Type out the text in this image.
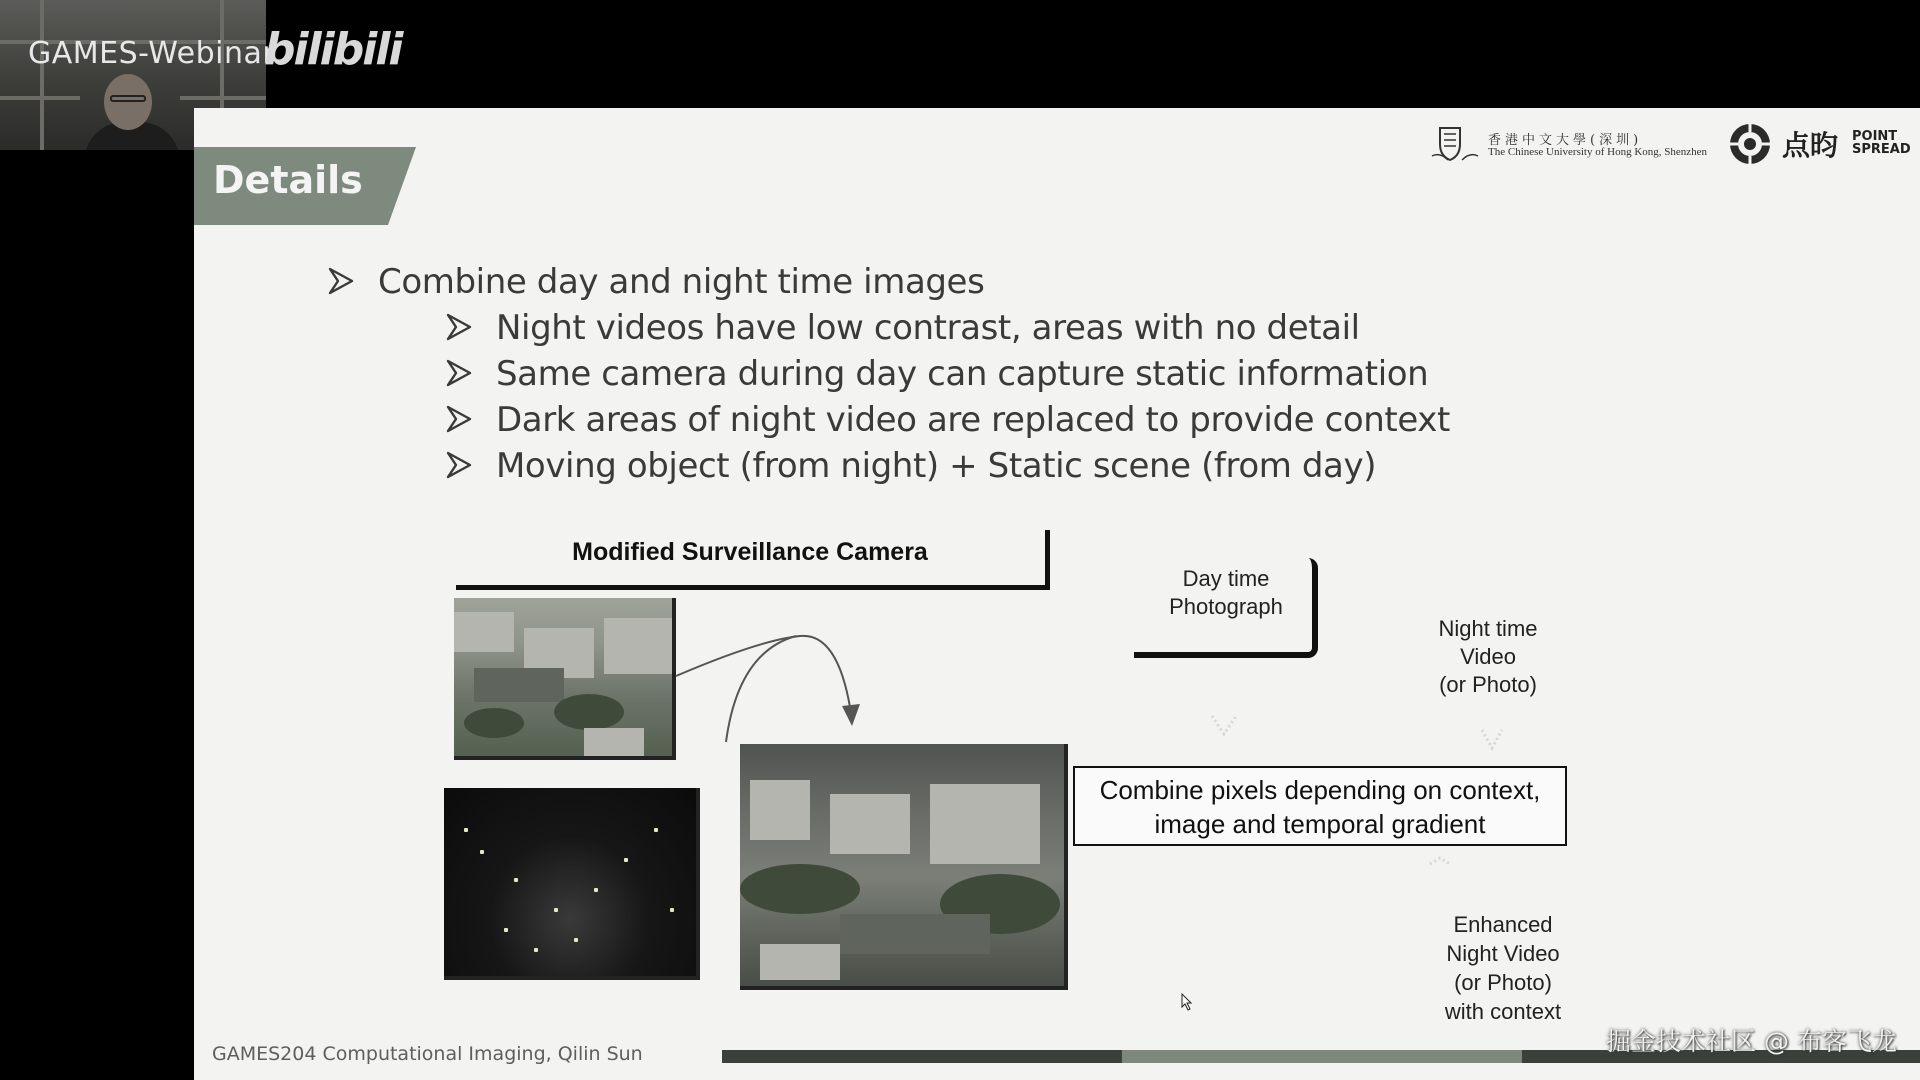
GAMES-Webinar
bilibili
Details
香港中文大學(深圳)
The Chinese University of Hong Kong, Shenzhen	点昀 POINT
SPREAD
Combine day and night time images
Night videos have low contrast, areas with no detail
Same camera during day can capture static information
Dark areas of night video are replaced to provide context
Moving object (from night) + Static scene (from day)
Modified Surveillance Camera
Day time
Photograph
Night time
Video
(or Photo)
Combine pixels depending on context,
image and temporal gradient
Enhanced
Night Video
(or Photo)
with context
GAMES204 Computational Imaging, Qilin Sun	掘金技术社区 @ 布客飞龙
